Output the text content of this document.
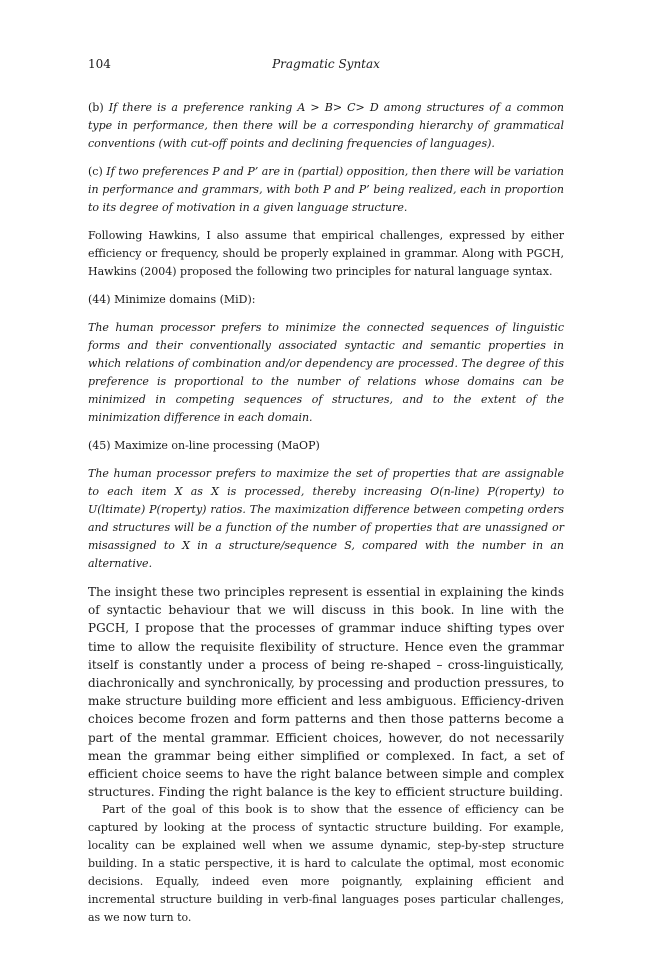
104	Pragmatic Syntax

(b) If there is a preference ranking A > B> C> D among structures of a common type in performance, then there will be a corresponding hierarchy of grammatical conventions (with cut-off points and declining frequencies of languages).

(c) If two preferences P and P’ are in (partial) opposition, then there will be variation in performance and grammars, with both P and P’ being realized, each in proportion to its degree of motivation in a given language structure.

Following Hawkins, I also assume that empirical challenges, expressed by either efficiency or frequency, should be properly explained in grammar. Along with PGCH, Hawkins (2004) proposed the following two principles for natural language syntax.

(44) Minimize domains (MiD):

The human processor prefers to minimize the connected sequences of linguistic forms and their conventionally associated syntactic and semantic properties in which relations of combination and/or dependency are processed. The degree of this preference is proportional to the number of relations whose domains can be minimized in competing sequences of structures, and to the extent of the minimization difference in each domain.

(45) Maximize on-line processing (MaOP)

The human processor prefers to maximize the set of properties that are assignable to each item X as X is processed, thereby increasing O(n-line) P(roperty) to U(ltimate) P(roperty) ratios. The maximization difference between competing orders and structures will be a function of the number of properties that are unassigned or misassigned to X in a structure/sequence S, compared with the number in an alternative.

The insight these two principles represent is essential in explaining the kinds of syntactic behaviour that we will discuss in this book. In line with the PGCH, I propose that the processes of grammar induce shifting types over time to allow the requisite flexibility of structure. Hence even the grammar itself is constantly under a process of being re-shaped – cross-linguistically, diachronically and synchronically, by processing and production pressures, to make structure building more efficient and less ambiguous. Efficiency-driven choices become frozen and form patterns and then those patterns become a part of the mental grammar. Efficient choices, however, do not necessarily mean the grammar being either simplified or complexed. In fact, a set of efficient choice seems to have the right balance between simple and complex structures. Finding the right balance is the key to efficient structure building.

Part of the goal of this book is to show that the essence of efficiency can be captured by looking at the process of syntactic structure building. For example, locality can be explained well when we assume dynamic, step-by-step structure building. In a static perspective, it is hard to calculate the optimal, most economic decisions. Equally, indeed even more poignantly, explaining efficient and incremental structure building in verb-final languages poses particular challenges, as we now turn to.
